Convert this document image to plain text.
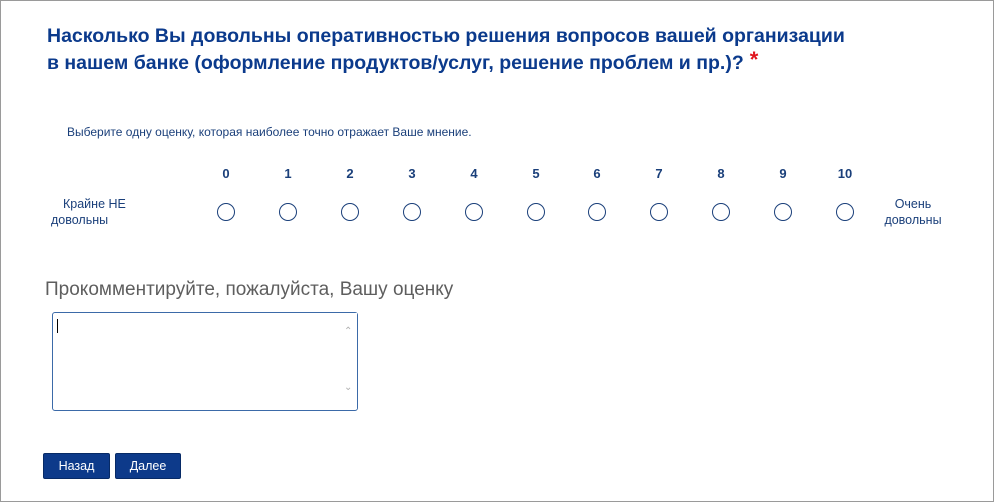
Насколько Вы довольны оперативностью решения вопросов вашей организации
в нашем банке (оформление продуктов/услуг, решение проблем и пр.)? *
Выберите одну оценку, которая наиболее точно отражает Ваше мнение.
0	1	2	3	4	5	6	7	8	9	10
Крайне НЕ
довольны
Очень
довольны
Прокомментируйте, пожалуйста, Вашу оценку
⌃
⌄
Назад	Далее
